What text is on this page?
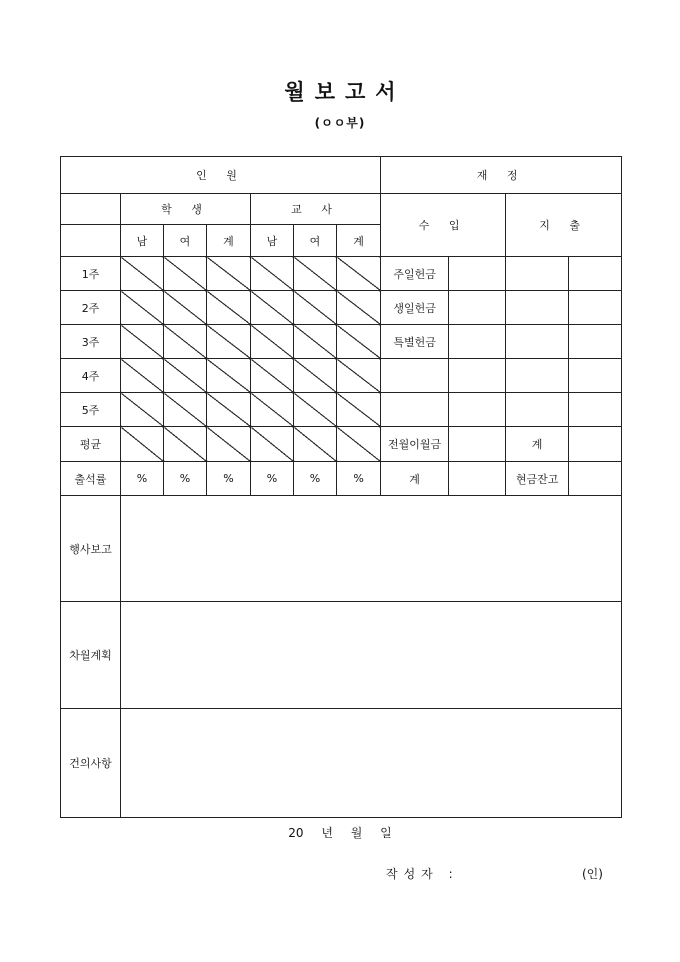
월보고서
(ㅇㅇ부)
인 원							재 정			
	학 생			교 사			수 입		지 출	
	남	여	계	남	여	계				
1주							주일헌금			
2주							생일헌금			
3주							특별헌금			
4주										
5주										
평균							전월이월금		계	
출석률	%	%	%	%	%	%	계		현금잔고	
행사보고										
차월계획										
건의사항										
20 년 월 일
작성자 :	(인)
